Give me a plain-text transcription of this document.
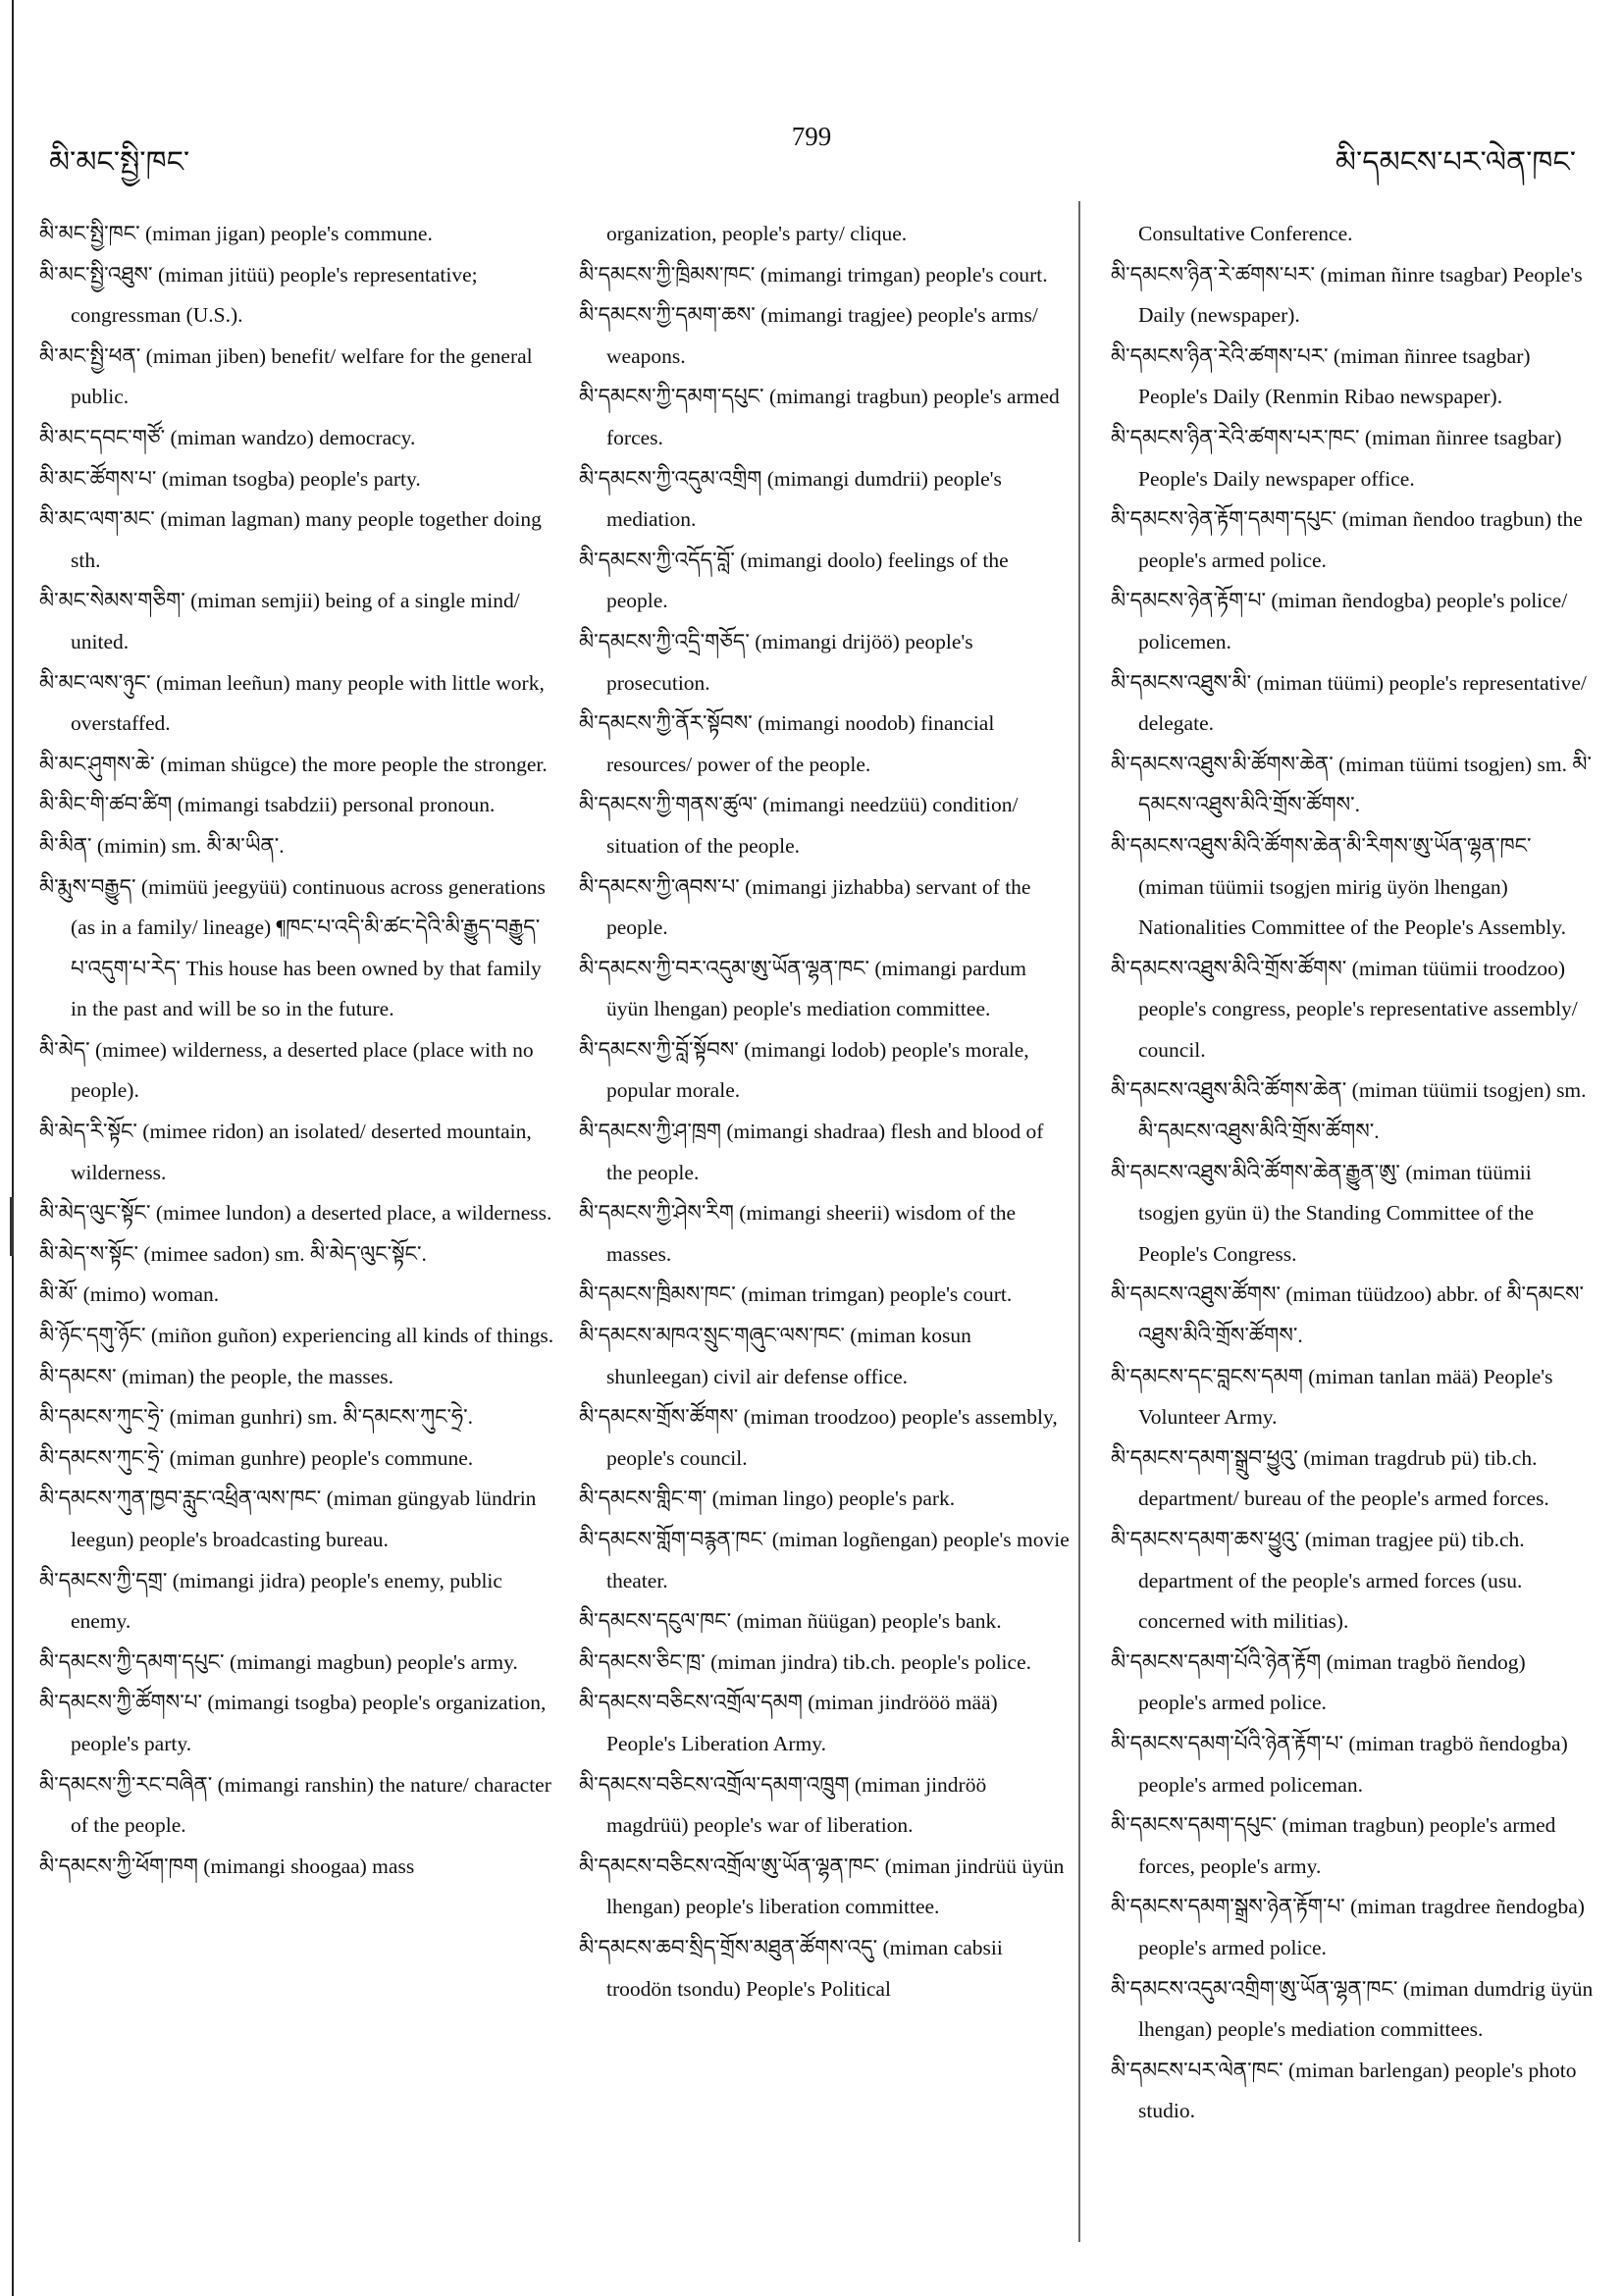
མི་མང་སྤྱི་ཁང་
799
མི་དམངས་པར་ལེན་ཁང་

མི་མང་སྤྱི་ཁང་ (miman jigan) people's commune.

མི་མང་སྤྱི་འཐུས་ (miman jitüü) people's representative; congressman (U.S.).

མི་མང་སྤྱི་ཕན་ (miman jiben) benefit/ welfare for the general public.

མི་མང་དབང་གཙོ་ (miman wandzo) democracy.

མི་མང་ཚོགས་པ་ (miman tsogba) people's party.

མི་མང་ལག་མང་ (miman lagman) many people together doing sth.

མི་མང་སེམས་གཅིག་ (miman semjii) being of a single mind/ united.

མི་མང་ལས་ཉུང་ (miman leeñun) many people with little work, overstaffed.

མི་མང་ཤུགས་ཆེ་ (miman shügce) the more people the stronger.

མི་མིང་གི་ཚབ་ཚིག (mimangi tsabdzii) personal pronoun.

མི་མིན་ (mimin) sm. མི་མ་ཡིན་.

མི་རྨུས་བརྒྱུད་ (mimüü jeegyüü) continuous across generations (as in a family/ lineage) ¶ཁང་པ་འདི་མི་ཚང་དེའི་མི་རྒྱུད་བརྒྱུད་པ་འདུག་པ་རེད་ This house has been owned by that family in the past and will be so in the future.

མི་མེད་ (mimee) wilderness, a deserted place (place with no people).

མི་མེད་རི་སྟོང་ (mimee ridon) an isolated/ deserted mountain, wilderness.

མི་མེད་ལུང་སྟོང་ (mimee lundon) a deserted place, a wilderness.

མི་མེད་ས་སྟོང་ (mimee sadon) sm. མི་མེད་ལུང་སྟོང་.

མི་མོ་ (mimo) woman.

མི་ཉོང་དགུ་ཉོང་ (miñon guñon) experiencing all kinds of things.

མི་དམངས་ (miman) the people, the masses.

མི་དམངས་ཀུང་ཧྲེ་ (miman gunhri) sm. མི་དམངས་ཀུང་ཧྲེ་.

མི་དམངས་ཀུང་ཧྲེ་ (miman gunhre) people's commune.

མི་དམངས་ཀུན་ཁྱབ་རླུང་འཕྲིན་ལས་ཁང་ (miman güngyab lündrin leegun) people's broadcasting bureau.

མི་དམངས་ཀྱི་དགྲ་ (mimangi jidra) people's enemy, public enemy.

མི་དམངས་ཀྱི་དམག་དཔུང་ (mimangi magbun) people's army.

མི་དམངས་ཀྱི་ཚོགས་པ་ (mimangi tsogba) people's organization, people's party.

མི་དམངས་ཀྱི་རང་བཞིན་ (mimangi ranshin) the nature/ character of the people.

མི་དམངས་ཀྱི་ཕོག་ཁག (mimangi shoogaa) mass

organization, people's party/ clique.

མི་དམངས་ཀྱི་ཁྲིམས་ཁང་ (mimangi trimgan) people's court.

མི་དམངས་ཀྱི་དམག་ཆས་ (mimangi tragjee) people's arms/ weapons.

མི་དམངས་ཀྱི་དམག་དཔུང་ (mimangi tragbun) people's armed forces.

མི་དམངས་ཀྱི་འདུམ་འགྲིག (mimangi dumdrii) people's mediation.

མི་དམངས་ཀྱི་འདོད་བློ་ (mimangi doolo) feelings of the people.

མི་དམངས་ཀྱི་འདྲི་གཅོད་ (mimangi drijöö) people's prosecution.

མི་དམངས་ཀྱི་ནོར་སྟོབས་ (mimangi noodob) financial resources/ power of the people.

མི་དམངས་ཀྱི་གནས་ཚུལ་ (mimangi needzüü) condition/ situation of the people.

མི་དམངས་ཀྱི་ཞབས་པ་ (mimangi jizhabba) servant of the people.

མི་དམངས་ཀྱི་བར་འདུམ་ཨུ་ཡོན་ལྷན་ཁང་ (mimangi pardum üyün lhengan) people's mediation committee.

མི་དམངས་ཀྱི་བློ་སྟོབས་ (mimangi lodob) people's morale, popular morale.

མི་དམངས་ཀྱི་ཤ་ཁྲག (mimangi shadraa) flesh and blood of the people.

མི་དམངས་ཀྱི་ཤེས་རིག (mimangi sheerii) wisdom of the masses.

མི་དམངས་ཁྲིམས་ཁང་ (miman trimgan) people's court.

མི་དམངས་མཁའ་སྲུང་གཞུང་ལས་ཁང་ (miman kosun shunleegan) civil air defense office.

མི་དམངས་གྲོས་ཚོགས་ (miman troodzoo) people's assembly, people's council.

མི་དམངས་གླིང་ག་ (miman lingo) people's park.

མི་དམངས་གློག་བརྙན་ཁང་ (miman logñengan) people's movie theater.

མི་དམངས་དངུལ་ཁང་ (miman ñüügan) people's bank.

མི་དམངས་ཅིང་ཁྲ་ (miman jindra) tib.ch. people's police.

མི་དམངས་བཅིངས་འགྲོལ་དམག (miman jindrööö mää) People's Liberation Army.

མི་དམངས་བཅིངས་འགྲོལ་དམག་འཁྲུག (miman jindröö magdrüü) people's war of liberation.

མི་དམངས་བཅིངས་འགྲོལ་ཨུ་ཡོན་ལྷན་ཁང་ (miman jindrüü üyün lhengan) people's liberation committee.

མི་དམངས་ཆབ་སྲིད་གྲོས་མཐུན་ཚོགས་འདུ་ (miman cabsii troodön tsondu) People's Political

Consultative Conference.

མི་དམངས་ཉིན་རེ་ཚགས་པར་ (miman ñinre tsagbar) People's Daily (newspaper).

མི་དམངས་ཉིན་རེའི་ཚགས་པར་ (miman ñinree tsagbar) People's Daily (Renmin Ribao newspaper).

མི་དམངས་ཉིན་རེའི་ཚགས་པར་ཁང་ (miman ñinree tsagbar) People's Daily newspaper office.

མི་དམངས་ཉེན་རྟོག་དམག་དཔུང་ (miman ñendoo tragbun) the people's armed police.

མི་དམངས་ཉེན་རྟོག་པ་ (miman ñendogba) people's police/ policemen.

མི་དམངས་འཐུས་མི་ (miman tüümi) people's representative/ delegate.

མི་དམངས་འཐུས་མི་ཚོགས་ཆེན་ (miman tüümi tsogjen) sm. མི་དམངས་འཐུས་མིའི་གྲོས་ཚོགས་.

མི་དམངས་འཐུས་མིའི་ཚོགས་ཆེན་མི་རིགས་ཨུ་ཡོན་ལྷན་ཁང་ (miman tüümii tsogjen mirig üyön lhengan) Nationalities Committee of the People's Assembly.

མི་དམངས་འཐུས་མིའི་གྲོས་ཚོགས་ (miman tüümii troodzoo) people's congress, people's representative assembly/ council.

མི་དམངས་འཐུས་མིའི་ཚོགས་ཆེན་ (miman tüümii tsogjen) sm. མི་དམངས་འཐུས་མིའི་གྲོས་ཚོགས་.

མི་དམངས་འཐུས་མིའི་ཚོགས་ཆེན་རྒྱུན་ཨུ་ (miman tüümii tsogjen gyün ü) the Standing Committee of the People's Congress.

མི་དམངས་འཐུས་ཚོགས་ (miman tüüdzoo) abbr. of མི་དམངས་འཐུས་མིའི་གྲོས་ཚོགས་.

མི་དམངས་དང་བླངས་དམག (miman tanlan mää) People's Volunteer Army.

མི་དམངས་དམག་སྒྲུབ་ཕྱུའུ་ (miman tragdrub pü) tib.ch. department/ bureau of the people's armed forces.

མི་དམངས་དམག་ཆས་ཕྱུའུ་ (miman tragjee pü) tib.ch. department of the people's armed forces (usu. concerned with militias).

མི་དམངས་དམག་པོའི་ཉེན་རྟོག (miman tragbö ñendog) people's armed police.

མི་དམངས་དམག་པོའི་ཉེན་རྟོག་པ་ (miman tragbö ñendogba) people's armed policeman.

མི་དམངས་དམག་དཔུང་ (miman tragbun) people's armed forces, people's army.

མི་དམངས་དམག་སྒྲས་ཉེན་རྟོག་པ་ (miman tragdree ñendogba) people's armed police.

མི་དམངས་འདུམ་འགྲིག་ཨུ་ཡོན་ལྷན་ཁང་ (miman dumdrig üyün lhengan) people's mediation committees.

མི་དམངས་པར་ལེན་ཁང་ (miman barlengan) people's photo studio.
